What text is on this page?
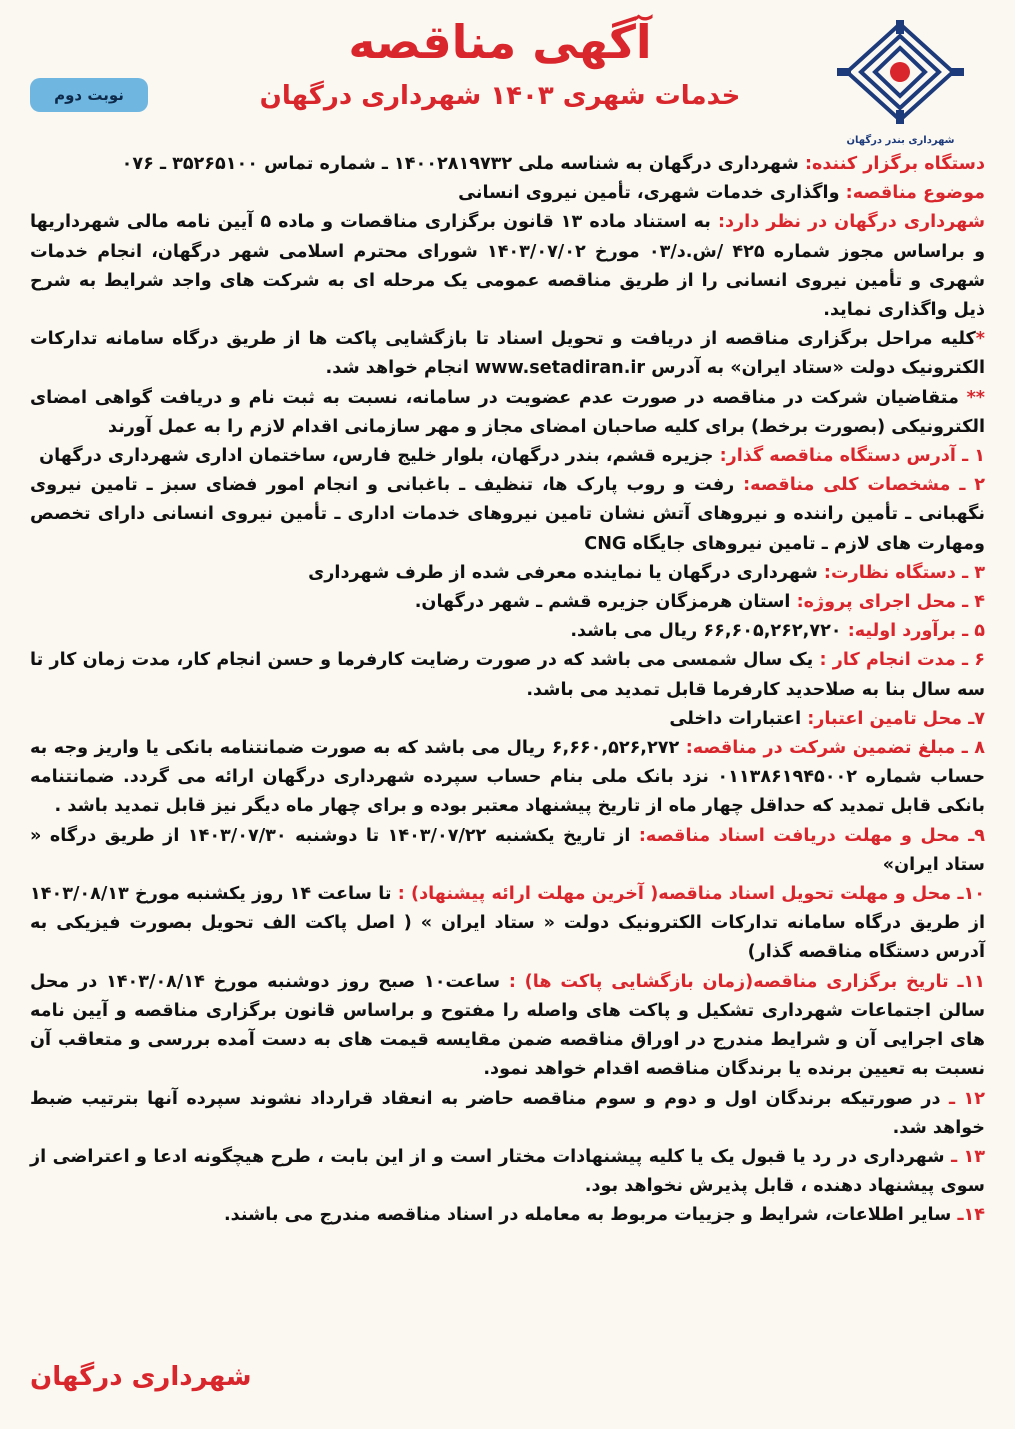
شهرداری بندر درگهان
آگهی مناقصه
خدمات شهری ۱۴۰۳ شهرداری درگهان
نوبت دوم

دستگاه برگزار کننده: شهرداری درگهان به شناسه ملی ۱۴۰۰۲۸۱۹۷۳۲ ـ شماره تماس ۳۵۲۶۵۱۰۰ ـ ۰۷۶

موضوع مناقصه: واگذاری خدمات شهری، تأمین نیروی انسانی

شهرداری درگهان در نظر دارد: به استناد ماده ۱۳ قانون برگزاری مناقصات و ماده ۵ آیین نامه مالی شهرداریها و براساس مجوز شماره ۴۲۵ /ش.د/۰۳ مورخ ۱۴۰۳/۰۷/۰۲ شورای محترم اسلامی شهر درگهان، انجام خدمات شهری و تأمین نیروی انسانی را از طریق مناقصه عمومی یک مرحله ای به شرکت های واجد شرایط به شرح ذیل واگذاری نماید.

*کلیه مراحل برگزاری مناقصه از دریافت و تحویل اسناد تا بازگشایی پاکت ها از طریق درگاه سامانه تدارکات الکترونیک دولت «ستاد ایران» به آدرس www.setadiran.ir انجام خواهد شد.

** متقاضیان شرکت در مناقصه در صورت عدم عضویت در سامانه، نسبت به ثبت نام و دریافت گواهی امضای الکترونیکی (بصورت برخط) برای کلیه صاحبان امضای مجاز و مهر سازمانی اقدام لازم را به عمل آورند

۱ ـ آدرس دستگاه مناقصه گذار: جزیره قشم، بندر درگهان، بلوار خلیج فارس، ساختمان اداری شهرداری درگهان

۲ ـ مشخصات کلی مناقصه: رفت و روب پارک ها، تنظیف ـ باغبانی و انجام امور فضای سبز ـ تامین نیروی نگهبانی ـ تأمین راننده و نیروهای آتش نشان تامین نیروهای خدمات اداری ـ تأمین نیروی انسانی دارای تخصص ومهارت های لازم ـ تامین نیروهای جایگاه CNG

۳ ـ دستگاه نظارت: شهرداری درگهان یا نماینده معرفی شده از طرف شهرداری

۴ ـ محل اجرای پروژه: استان هرمزگان جزیره قشم ـ شهر درگهان.

۵ ـ برآورد اولیه: ۶۶,۶۰۵,۲۶۲,۷۲۰ ریال می باشد.

۶ ـ مدت انجام کار : یک سال شمسی می باشد که در صورت رضایت کارفرما و حسن انجام کار، مدت زمان کار تا سه سال بنا به صلاحدید کارفرما قابل تمدید می باشد.

۷ـ محل تامین اعتبار: اعتبارات داخلی

۸ ـ مبلغ تضمین شرکت در مناقصه: ۶,۶۶۰,۵۲۶,۲۷۲ ریال می باشد که به صورت ضمانتنامه بانکی یا واریز وجه به حساب شماره ۰۱۱۳۸۶۱۹۴۵۰۰۲ نزد بانک ملی بنام حساب سپرده شهرداری درگهان ارائه می گردد. ضمانتنامه بانکی قابل تمدید که حداقل چهار ماه از تاریخ پیشنهاد معتبر بوده و برای چهار ماه دیگر نیز قابل تمدید باشد .

۹ـ محل و مهلت دریافت اسناد مناقصه: از تاریخ یکشنبه ۱۴۰۳/۰۷/۲۲ تا دوشنبه ۱۴۰۳/۰۷/۳۰ از طریق درگاه « ستاد ایران»

۱۰ـ محل و مهلت تحویل اسناد مناقصه( آخرین مهلت ارائه پیشنهاد) : تا ساعت ۱۴ روز یکشنبه مورخ ۱۴۰۳/۰۸/۱۳ از طریق درگاه سامانه تدارکات الکترونیک دولت « ستاد ایران » ( اصل پاکت الف تحویل بصورت فیزیکی به آدرس دستگاه مناقصه گذار)

۱۱ـ تاریخ برگزاری مناقصه(زمان بازگشایی پاکت ها) : ساعت۱۰ صبح روز دوشنبه مورخ ۱۴۰۳/۰۸/۱۴ در محل سالن اجتماعات شهرداری تشکیل و پاکت های واصله را مفتوح و براساس قانون برگزاری مناقصه و آیین نامه های اجرایی آن و شرایط مندرج در اوراق مناقصه ضمن مقایسه قیمت های به دست آمده بررسی و متعاقب آن نسبت به تعیین برنده یا برندگان مناقصه اقدام خواهد نمود.

۱۲ ـ در صورتیکه برندگان اول و دوم و سوم مناقصه حاضر به انعقاد قرارداد نشوند سپرده آنها بترتیب ضبط خواهد شد.

۱۳ ـ شهرداری در رد یا قبول یک یا کلیه پیشنهادات مختار است و از این بابت ، طرح هیچگونه ادعا و اعتراضی از سوی پیشنهاد دهنده ، قابل پذیرش نخواهد بود.

۱۴ـ سایر اطلاعات، شرایط و جزییات مربوط به معامله در اسناد مناقصه مندرج می باشند.

شهرداری درگهان
